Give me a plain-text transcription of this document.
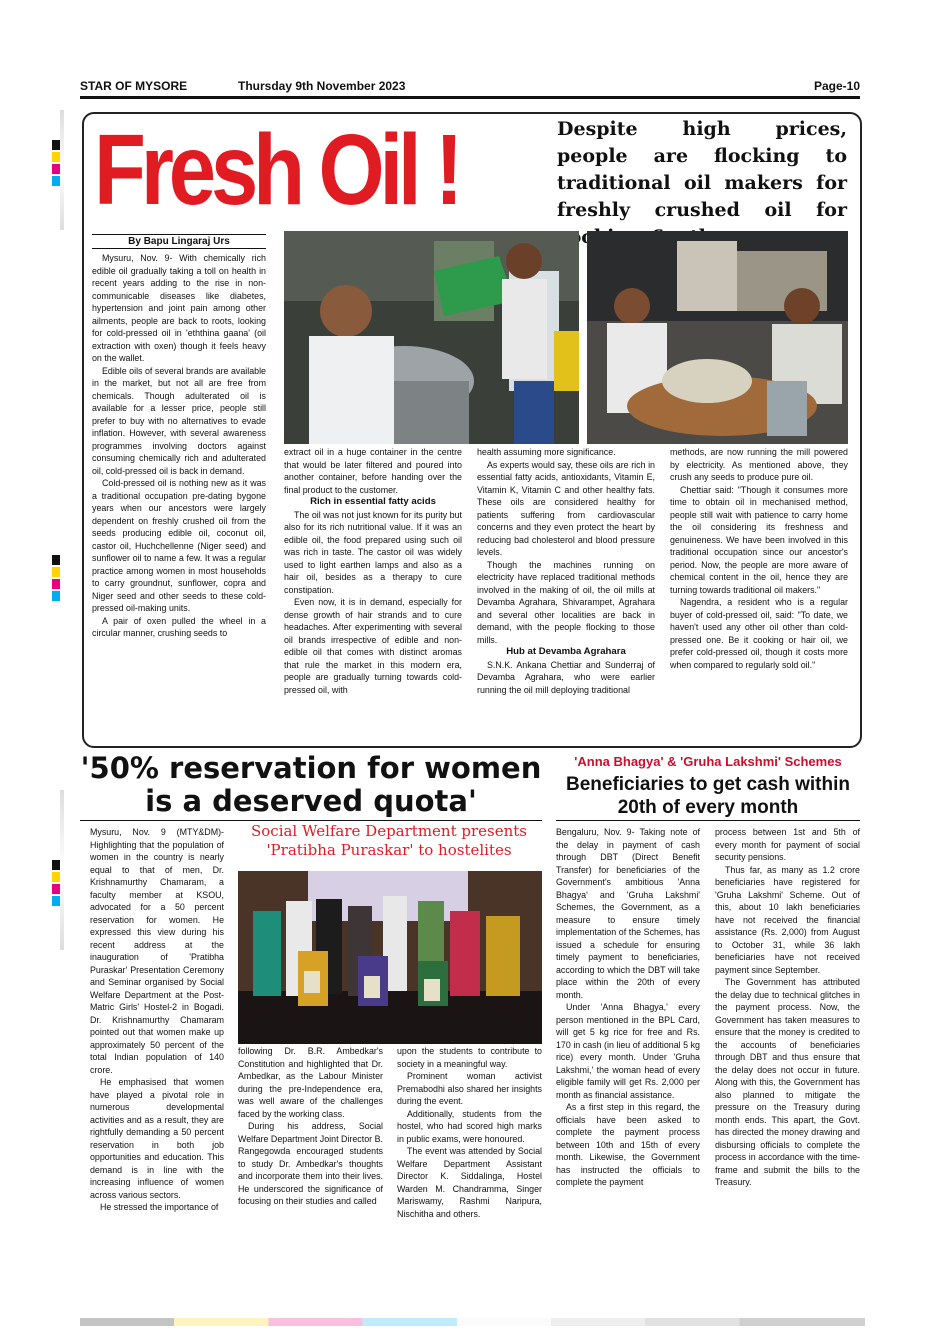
STAR OF MYSORE	Thursday 9th November 2023	Page-10
Fresh Oil !	Despite high prices, people are flocking to traditional oil makers for freshly crushed oil for
By Bapu Lingaraj Urs

Mysuru, Nov. 9- With chemically rich edible oil gradually taking a toll on health in recent years adding to the rise in non-communicable diseases like diabetes, hypertension and joint pain among other ailments, people are back to roots, looking for cold-pressed oil in 'eththina gaana' (oil extraction with oxen) though it feels heavy on the wallet.

Edible oils of several brands are available in the market, but not all are free from chemicals. Though adulterated oil is available for a lesser price, people still prefer to buy with no alternatives to evade inflation. However, with several awareness programmes involving doctors against consuming chemically rich and adulterated oil, cold-pressed oil is back in demand.

Cold-pressed oil is nothing new as it was a traditional occupation pre-dating bygone years when our ancestors were largely dependent on freshly crushed oil from the seeds producing edible oil, coconut oil, castor oil, Huchchellenne (Niger seed) and sunflower oil to name a few. It was a regular practice among women in most households to carry groundnut, sunflower, copra and Niger seed and other seeds to these cold-pressed oil-making units.

A pair of oxen pulled the wheel in a circular manner, crushing seeds to

extract oil in a huge container in the centre that would be later filtered and poured into another container, before handing over the final product to the customer.

Rich in essential fatty acids

The oil was not just known for its purity but also for its rich nutritional value. If it was an edible oil, the food prepared using such oil was rich in taste. The castor oil was widely used to light earthen lamps and also as a hair oil, besides as a therapy to cure constipation.

Even now, it is in demand, especially for dense growth of hair strands and to cure headaches. After experimenting with several oil brands irrespective of edible and non-edible oil that comes with distinct aromas that rule the market in this modern era, people are gradually turning towards cold-pressed oil, with

health assuming more significance.

As experts would say, these oils are rich in essential fatty acids, antioxidants, Vitamin E, Vitamin K, Vitamin C and other healthy fats. These oils are considered healthy for patients suffering from cardiovascular concerns and they even protect the heart by reducing bad cholesterol and blood pressure levels.

Though the machines running on electricity have replaced traditional methods involved in the making of oil, the oil mills at Devamba Agrahara, Shivarampet, Agrahara and several other localities are back in demand, with the people flocking to those mills.

Hub at Devamba Agrahara

S.N.K. Ankana Chettiar and Sunderraj of Devamba Agrahara, who were earlier running the oil mill deploying traditional

methods, are now running the mill powered by electricity. As mentioned above, they crush any seeds to produce pure oil.

Chettiar said: "Though it consumes more time to obtain oil in mechanised method, people still wait with patience to carry home the oil considering its freshness and genuineness. We have been involved in this traditional occupation since our ancestor's period. Now, the people are more aware of chemical content in the oil, hence they are turning towards traditional oil makers."

Nagendra, a resident who is a regular buyer of cold-pressed oil, said: "To date, we haven't used any other oil other than cold-pressed one. Be it cooking or hair oil, we prefer cold-pressed oil, though it costs more when compared to regularly sold oil."

'50% reservation for women
is a deserved quota'

Mysuru, Nov. 9 (MTY&DM)- Highlighting that the population of women in the country is nearly equal to that of men, Dr. Krishnamurthy Chamaram, a faculty member at KSOU, advocated for a 50 percent reservation for women. He expressed this view during his recent address at the inauguration of 'Pratibha Puraskar' Presentation Ceremony and Seminar organised by Social Welfare Department at the Post-Matric Girls' Hostel-2 in Bogadi. Dr. Krishnamurthy Chamaram pointed out that women make up approximately 50 percent of the total Indian population of 140 crore.

He emphasised that women have played a pivotal role in numerous developmental activities and as a result, they are rightfully demanding a 50 percent reservation in both job opportunities and education. This demand is in line with the increasing influence of women across various sectors.

He stressed the importance of

Social Welfare Department presents
'Pratibha Puraskar' to hostelites

following Dr. B.R. Ambedkar's Constitution and highlighted that Dr. Ambedkar, as the Labour Minister during the pre-Independence era, was well aware of the challenges faced by the working class.

During his address, Social Welfare Department Joint Director B. Rangegowda encouraged students to study Dr. Ambedkar's thoughts and incorporate them into their lives. He underscored the significance of focusing on their studies and called

upon the students to contribute to society in a meaningful way.

Prominent woman activist Premabodhi also shared her insights during the event.

Additionally, students from the hostel, who had scored high marks in public exams, were honoured.

The event was attended by Social Welfare Department Assistant Director K. Siddalinga, Hostel Warden M. Chandramma, Singer Mariswamy, Rashmi Naripura, Nischitha and others.

'Anna Bhagya' & 'Gruha Lakshmi' Schemes
Beneficiaries to get cash within
20th of every month

Bengaluru, Nov. 9- Taking note of the delay in payment of cash through DBT (Direct Benefit Transfer) for beneficiaries of the Government's ambitious 'Anna Bhagya' and 'Gruha Lakshmi' Schemes, the Government, as a measure to ensure timely implementation of the Schemes, has issued a schedule for ensuring timely payment to beneficiaries, according to which the DBT will take place within the 20th of every month.

Under 'Anna Bhagya,' every person mentioned in the BPL Card, will get 5 kg rice for free and Rs. 170 in cash (in lieu of additional 5 kg rice) every month. Under 'Gruha Lakshmi,' the woman head of every eligible family will get Rs. 2,000 per month as financial assistance.

As a first step in this regard, the officials have been asked to complete the payment process between 10th and 15th of every month. Likewise, the Government has instructed the officials to complete the payment

process between 1st and 5th of every month for payment of social security pensions.

Thus far, as many as 1.2 crore beneficiaries have registered for 'Gruha Lakshmi' Scheme. Out of this, about 10 lakh beneficiaries have not received the financial assistance (Rs. 2,000) from August to October 31, while 36 lakh beneficiaries have not received payment since September.

The Government has attributed the delay due to technical glitches in the payment process. Now, the Government has taken measures to ensure that the money is credited to the accounts of beneficiaries through DBT and thus ensure that the delay does not occur in future. Along with this, the Government has also planned to mitigate the pressure on the Treasury during month ends. This apart, the Govt. has directed the money drawing and disbursing officials to complete the process in accordance with the time-frame and submit the bills to the Treasury.
